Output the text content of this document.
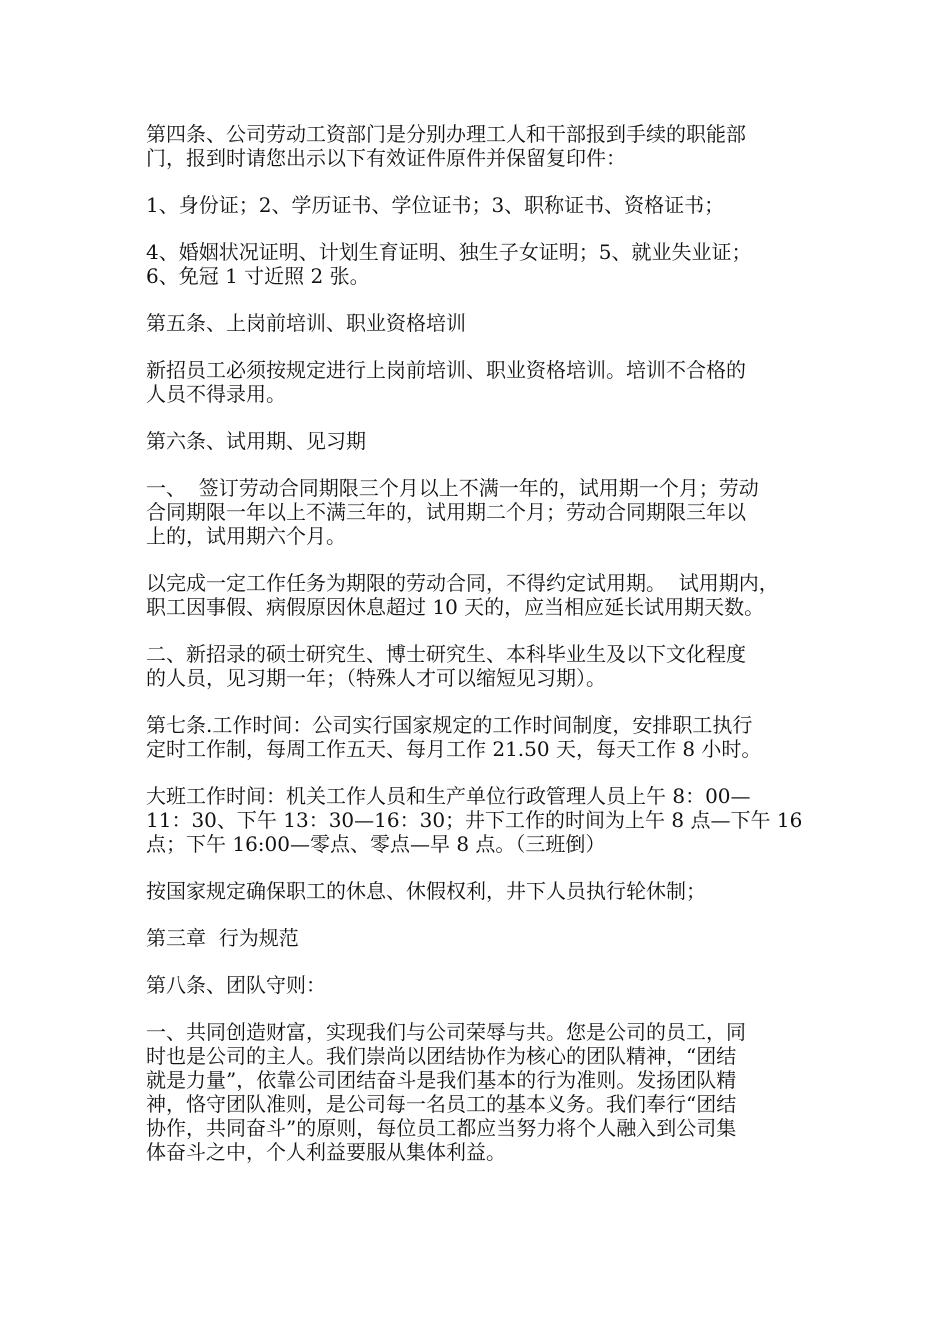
第四条、公司劳动工资部门是分别办理工人和干部报到手续的职能部
门，报到时请您出示以下有效证件原件并保留复印件：
1、身份证；2、学历证书、学位证书；3、职称证书、资格证书；
4、婚姻状况证明、计划生育证明、独生子女证明；5、就业失业证；
6、免冠 1 寸近照 2 张。
第五条、上岗前培训、职业资格培训
新招员工必须按规定进行上岗前培训、职业资格培训。培训不合格的
人员不得录用。
第六条、试用期、见习期
一、  签订劳动合同期限三个月以上不满一年的，试用期一个月；劳动
合同期限一年以上不满三年的，试用期二个月；劳动合同期限三年以
上的，试用期六个月。
以完成一定工作任务为期限的劳动合同，不得约定试用期。  试用期内，
职工因事假、病假原因休息超过 10 天的，应当相应延长试用期天数。
二、新招录的硕士研究生、博士研究生、本科毕业生及以下文化程度
的人员，见习期一年；（特殊人才可以缩短见习期）。
第七条.工作时间：公司实行国家规定的工作时间制度，安排职工执行
定时工作制，每周工作五天、每月工作 21.50 天，每天工作 8 小时。
大班工作时间：机关工作人员和生产单位行政管理人员上午 8：00—
11：30、下午 13：30—16：30；井下工作的时间为上午 8 点—下午 16
点；下午 16:00—零点、零点—早 8 点。（三班倒）
按国家规定确保职工的休息、休假权利，井下人员执行轮休制；
第三章  行为规范
第八条、团队守则：
一、共同创造财富，实现我们与公司荣辱与共。您是公司的员工，同
时也是公司的主人。我们崇尚以团结协作为核心的团队精神，“团结
就是力量”，依靠公司团结奋斗是我们基本的行为准则。发扬团队精
神，恪守团队准则，是公司每一名员工的基本义务。我们奉行“团结
协作，共同奋斗”的原则，每位员工都应当努力将个人融入到公司集
体奋斗之中，个人利益要服从集体利益。
